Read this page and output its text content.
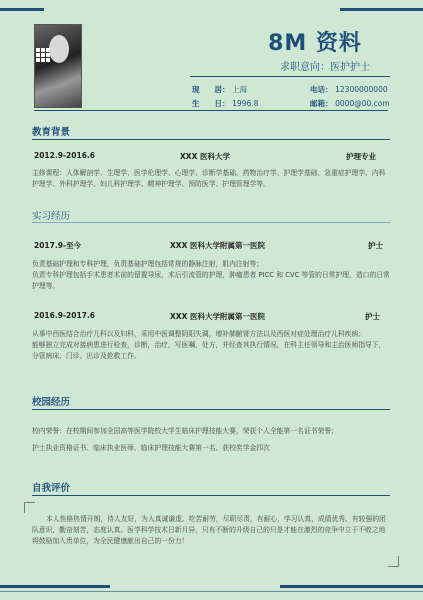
8M 资料
求职意向：医护护士
现　　居： 上海
生　　日： 1996.8
电话： 12300000000
邮箱： 0000@00.com
教育背景
2012.9-2016.6	XXX 医科大学	护理专业

主修课程：人体解剖学、生理学、医学伦理学、心理学、诊断学基础、药物治疗学、护理学基础、急重症护理学、内科护理学、外科护理学、妇儿科护理学、精神护理学、预防医学、护理管理学等。

实习经历
2017.9-至今	XXX 医科大学附属第一医院	护士

负责基础护理和专科护理，负责基础护理包括常规的静脉注射，肌内注射等；

负责专科护理包括手术患者术前的留置导尿，术后引流管的护理，肿瘤患者 PICC 和 CVC 等管的日常护理，造口的日常护理等。

2016.9-2017.6	XXX 医科大学附属第一医院	护士

从事中西医结合治疗儿科以及妇科，采用中医调整阴阳失调，增补肺腑肾方法以及西医对症处理治疗儿科疾病；

能够独立完成对接病患进行检查，诊断，治疗，写医嘱，处方，并经查其执行情况，在科主任领导和主治医师指导下，分管病床、门诊、出诊及抢救工作。

校园经历

校内荣誉：在校期间参加全国高等医学院校大学生临床护理技能大赛，荣获个人全能第一名证书荣誉；

护士执业资格证书、临床执业医师、临床护理技能大赛第一名、获校奖学金四次

自我评价

本人性格热情开朗，待人友好，为人真诚谦虚。吃苦耐劳，尽职尽责，有耐心，学习认真，成绩优秀。有较强的团队意识，勤奋刻苦，态度认真。医学科学技术日新月异，只有不断的升级自己的只是才能在激烈的竞争中立于不败之地将鼓励加入贵单位，为全民健康献出自己的一份力！
